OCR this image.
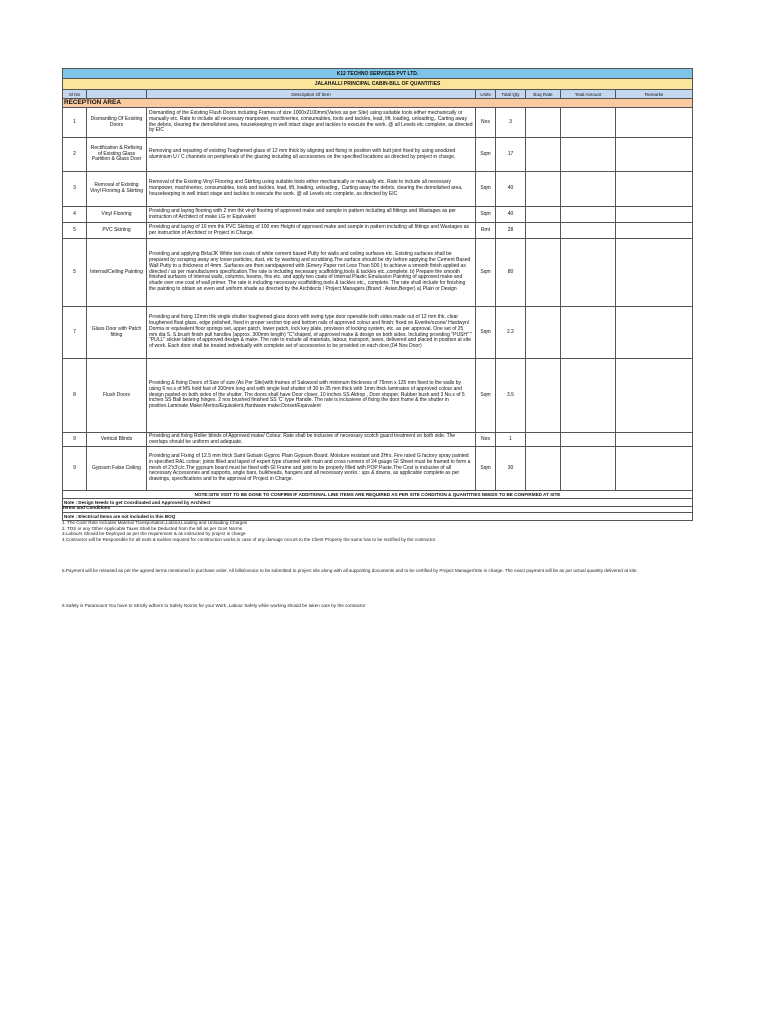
K12 TECHNO SERVICES PVT LTD.							
JALAHALLI PRINCIPAL CABIN-BILL OF QUANTITIES							
Sl No		Description Of Item	Units	Total Qty	Boq Rate	Total Amount	Remarks
RECEPTION AREA							
1	Dismantling Of Existing Doors	Dismantling of the Existing Flush Doors including Frames of size 1000x2100mm(Varies as per Site) using suitable tools either mechanically or manually etc. Rate to include all necessary manpower, machineries, consumables, tools and tackles, lead, lift, loading, unloading,. Carting away the debris, clearing the demolished area, housekeeping in well intact stage and tackles to execute the work. @ all Levels etc complete, as directed by EIC	Nos	3			
2	Rectification & Refixing of Existing Glass Partition & Glass Door	Removing and repairing of existing Toughened glass of 12 mm thick by aligning and fixing in position with butt joint fixed by using anodized aluminium U / C channels on peripherals of the glazing including all accessories on the specified locations as directed by project in charge.	Sqm	17			
3	Removal of Existing Vinyl Flooring & Skirting	Removal of the Existing Vinyl Flooring and Skirting using suitable tools either mechanically or manually etc. Rate to include all necessary manpower, machineries, consumables, tools and tackles, lead, lift, loading, unloading,. Carting away the debris, clearing the demolished area, housekeeping in well intact stage and tackles to execute the work. @ all Levels etc complete, as directed by EIC	Sqm	40			
4	Vinyl Flooring	Providing and laying flooring with 2 mm thk vinyl flooring of approved make and sample in pattern including all fittings and Wastages as per instruction of Architect of make LG or Equivalent	Sqm	40			
5	PVC Skirting	Providing and laying of 10 mm thk PVC Skirting of 100 mm Height of approved make and sample in pattern including all fittings and Wastages as per instruction of Architect or Project in Charge.	Rmt	28			
5	Internal/Ceiling Painting	Providing and applying Birla/JK White two coats of white cement based Putty for walls and ceiling surfaces etc. Existing surfaces shall be prepared by scraping away any loose particles, dust, etc by washing and scrubbing.The surface should be dry before applying the Cement Based Wall Putty to a thickness of 4mm. Surfaces are then sandpapered with (Emery Paper not Less Than 500 ) to achieve a smooth finish applied as directed / as per manufacturers specification.The rate is including necessary scaffolding,tools & tackles etc.,complete. b) Prepare the smooth finished surfaces of internal walls, columns, beams, fins etc. and apply two coats of Internal Plastic Emulusion Painting of approved make and shade over one coat of wall primer. The rate is including necessary scaffolding,tools & tackles etc., complete. The rate shall include for finishing the painting to obtain an even and uniform shade as directed by the Architects / Project Managers.(Brand : Asian,Berger) a) Plain or Design	Sqm	80			
7	Glass Door with Patch fitting	Providing and fixing 12mm thk single shutter toughened glass doors with swing type door openable both sides made out of 12 mm thk. clear toughened float glass, edge polished, fixed in proper section top and bottom rails of approved colour and finish; fixed on Everite/ozone/ Hardwyn/ Dorma or equivalent floor springs set, upper patch, lower patch, lock key plate, provision of locking system, etc. as per approval. One set of 25 mm dia S. S.brush finish pull handles (approx. 300mm length) "C"shaped, of approved make & design on both sides. Including providing "PUSH" " "PULL" sticker lables of approved design & make. The rate to include all materials, labour, transport, taxes, delivered and placed in position at site of work. Each door shall be treated individually with complete set of accessories to be provided on each door.(04 Nos Door)	Sqm	2.2			
8	Flush Doors	Providing & fixing Doors of Size of size (As Per Site)with frames of Sakwood with minimum thickness of 75mm x 125 mm fixed to the walls by using 6 no.s of MS hold fast of 200mm long and with single leaf shutter of 30 to 35 mm thick with 1mm thick laminates of approved colour and design pasted on both sides of the shutter. The doors shall have Door closer, 10 inches SS Aldrop , Door stopper, Rubber bush and 3 No.s of 5 inches SS Ball bearing hinges. 2 nos brushed finished SS 'C' type Handle. The rate is inclusieve of fixing the door frame & the shutter in position.Laminate Make:Merino/Equivalent,Hardware make:Dorset/Equivalent	Sqm	3.5			
9	Vertical Blinds	Providing and fixing Roller blinds of Approved make/ Colour. Rate shall be inclusive of necessary scotch guard treatment on both side. The overlaps should be uniform and adequate.	Nos	1			
9	Gypsum False Ceiling	Providing and Fixing of 12.5 mm thick Saint Gobain Gyproc Plain Gypsum Board. Moisture resistant and 2Hrs. Fire rated G factory spray painted in specified RAL colour; joints filled and taped of expert type channel with main and cross runners of 24 gauge GI Sheet must be framed to form a mesh of 2'x3'c/c.The gypsum board must be fixed with GI Frame and joint to be properly filled with POP Paste.The Cost is inclusive of all necessary Accessories and supports, angle bars, bulkheads, hangers and all necessary works : ups & downs, as applicable complete as per drawings, specifications and to the approval of Project in Charge.	Sqm	30			
NOTE:SITE VISIT TO BE DONE TO CONFIRM IF ADDITIONAL LINE ITEMS ARE REQUIRED AS PER SITE CONDITION & QUANTITIES NEEDS TO BE CONFIRMED AT SITE							
Note : Design Needs to get Coordinated and Approved by Architect							

Note : Electrical Items are not included in this BOQ							
Terms and Conditions
1. The Cost/ Rate Includes Material Transportation,Labour,Loading and Unloading Charges
2. TDS or any Other Applicable Taxes Shall be Deducted from the bill as per Govt Norms
3.Labours Should be Deployed as per the requirement & as instructed by project in charge
4.Contractor will be Responsible for all tools & tackles required for construction works,in case of any damage occurs to the Client Property the same has to be rectified by the contractor
5.Payment will be released as per the agreed terms mentioned in purchase order. All bills/invoice to be submitted to project site along with all supporting documents and to be certified by Project Manager/Site in charge. The exact payment will be as per actual quantity delivered at site.
6.Safety is Paramount You have to Strictly adhere to Safety Norms for your Work ,Labour Safety while working should be taken care by the contractor
